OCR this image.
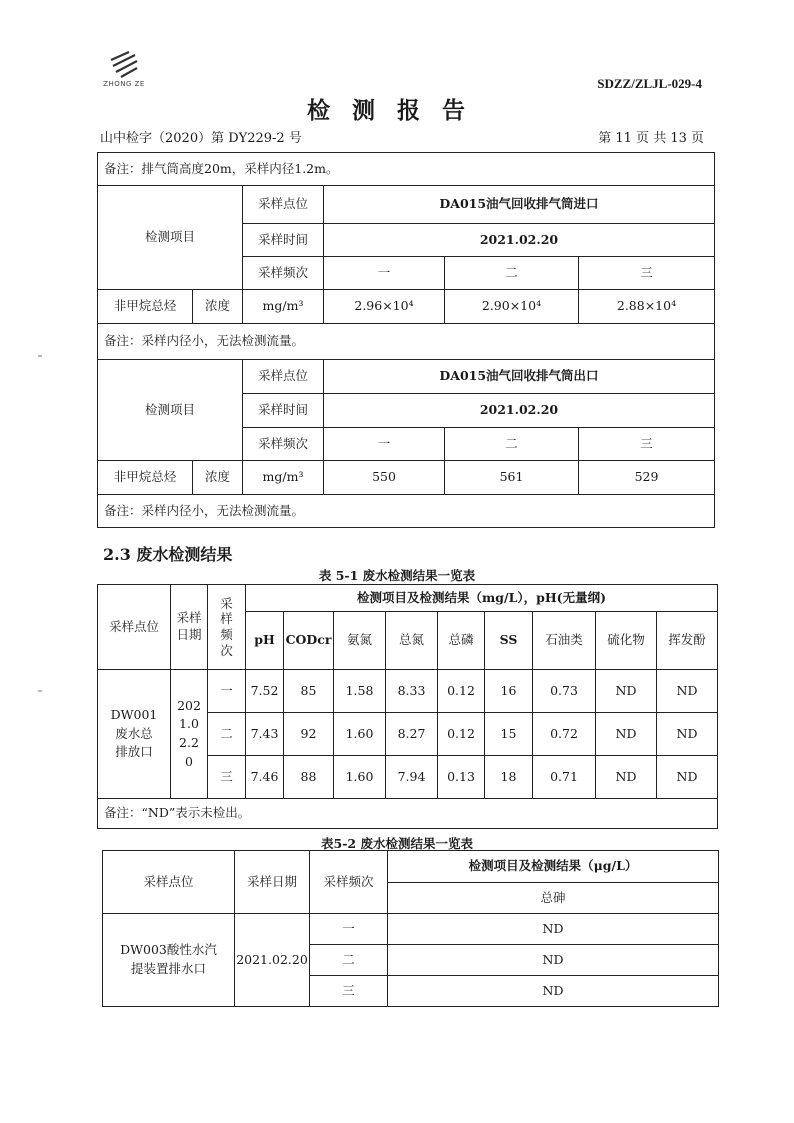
ZHONG ZE	SDZZ/ZLJL-029-4
检测报告
山中检字（2020）第 DY229-2 号	第 11 页 共 13 页
备注：排气筒高度20m，采样内径1.2m。					
检测项目		采样点位	DA015油气回收排气筒进口		
		采样时间	2021.02.20		
		采样频次	一	二	三
非甲烷总烃	浓度	mg/m³	2.96×10⁴	2.90×10⁴	2.88×10⁴
备注：采样内径小，无法检测流量。					
检测项目		采样点位	DA015油气回收排气筒出口		
		采样时间	2021.02.20		
		采样频次	一	二	三
非甲烷总烃	浓度	mg/m³	550	561	529
备注：采样内径小，无法检测流量。					
2.3 废水检测结果
表 5-1 废水检测结果一览表
采样点位	采样日期	采样频次	检测项目及检测结果（mg/L），pH(无量纲)								
			pH	CODcr	氨氮	总氮	总磷	SS	石油类	硫化物	挥发酚
DW001废水总排放口	2021.02.20	一	7.52	85	1.58	8.33	0.12	16	0.73	ND	ND
		二	7.43	92	1.60	8.27	0.12	15	0.72	ND	ND
		三	7.46	88	1.60	7.94	0.13	18	0.71	ND	ND
备注：“ND”表示未检出。											
表5-2 废水检测结果一览表
采样点位	采样日期	采样频次	检测项目及检测结果（μg/L）
			总砷
DW003酸性水汽提装置排水口	2021.02.20	一	ND
		二	ND
		三	ND
